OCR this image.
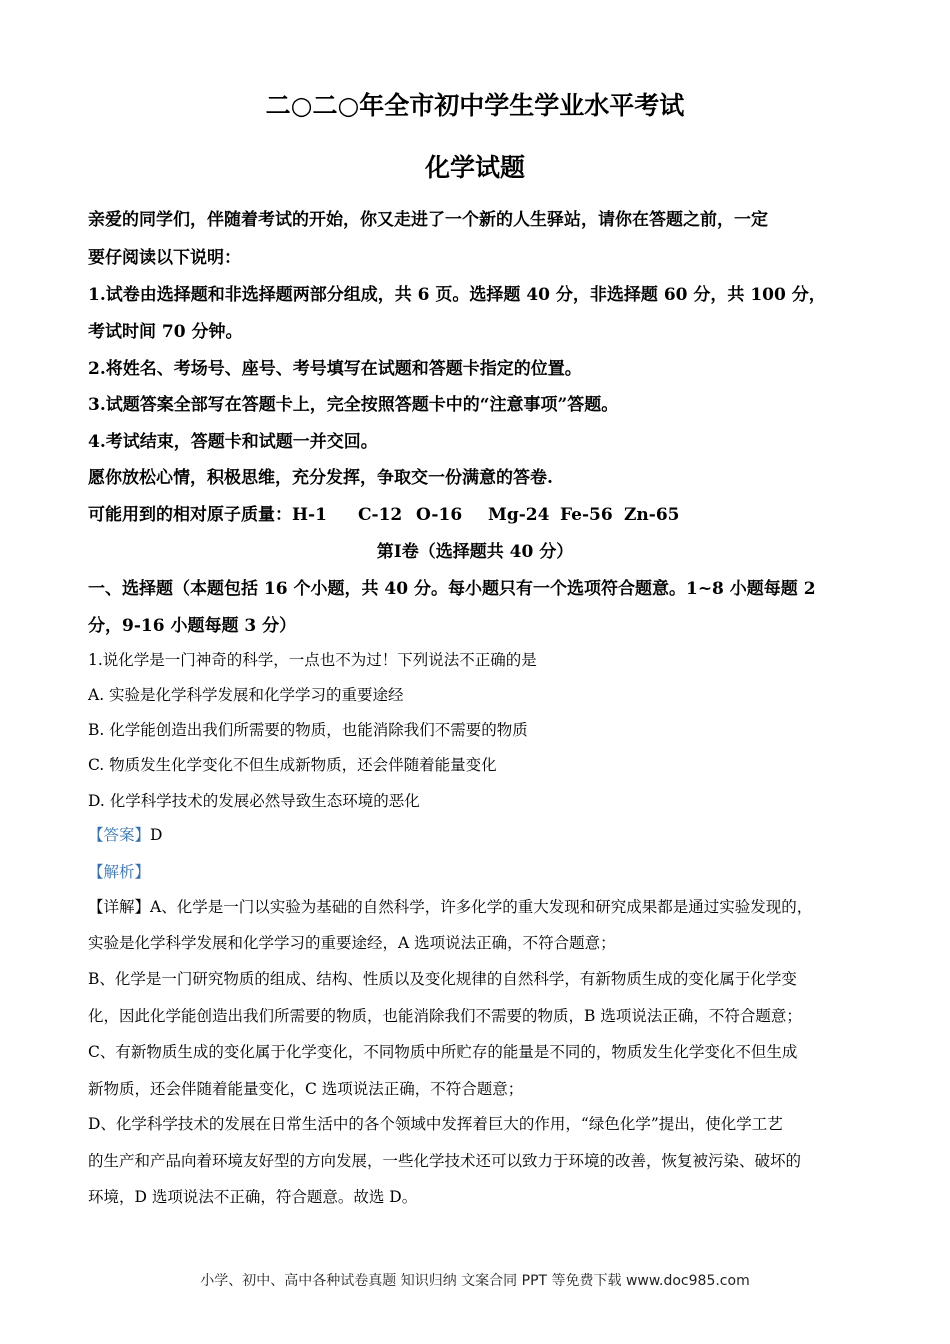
二○二○年全市初中学生学业水平考试
化学试题
亲爱的同学们，伴随着考试的开始，你又走进了一个新的人生驿站，请你在答题之前，一定
要仔阅读以下说明：
1.试卷由选择题和非选择题两部分组成，共 6 页。选择题 40 分，非选择题 60 分，共 100 分，
考试时间 70 分钟。
2.将姓名、考场号、座号、考号填写在试题和答题卡指定的位置。
3.试题答案全部写在答题卡上，完全按照答题卡中的“注意事项”答题。
4.考试结束，答题卡和试题一并交回。
愿你放松心情，积极思维，充分发挥，争取交一份满意的答卷.
可能用到的相对原子质量：H-1 C-12 O-16 Mg-24 Fe-56 Zn-65
第Ⅰ卷（选择题共 40 分）
一、选择题（本题包括 16 个小题，共 40 分。每小题只有一个选项符合题意。1~8 小题每题 2
分，9-16 小题每题 3 分）
1.说化学是一门神奇的科学，一点也不为过！下列说法不正确的是
A. 实验是化学科学发展和化学学习的重要途经
B. 化学能创造出我们所需要的物质，也能消除我们不需要的物质
C. 物质发生化学变化不但生成新物质，还会伴随着能量变化
D. 化学科学技术的发展必然导致生态环境的恶化
【答案】D
【解析】
【详解】A、化学是一门以实验为基础的自然科学，许多化学的重大发现和研究成果都是通过实验发现的，
实验是化学科学发展和化学学习的重要途经，A 选项说法正确，不符合题意；
B、化学是一门研究物质的组成、结构、性质以及变化规律的自然科学，有新物质生成的变化属于化学变
化，因此化学能创造出我们所需要的物质，也能消除我们不需要的物质，B 选项说法正确，不符合题意；
C、有新物质生成的变化属于化学变化，不同物质中所贮存的能量是不同的，物质发生化学变化不但生成
新物质，还会伴随着能量变化，C 选项说法正确，不符合题意；
D、化学科学技术的发展在日常生活中的各个领域中发挥着巨大的作用，“绿色化学”提出，使化学工艺
的生产和产品向着环境友好型的方向发展，一些化学技术还可以致力于环境的改善，恢复被污染、破坏的
环境，D 选项说法不正确，符合题意。故选 D。
小学、初中、高中各种试卷真题 知识归纳 文案合同 PPT 等免费下载 www.doc985.com
